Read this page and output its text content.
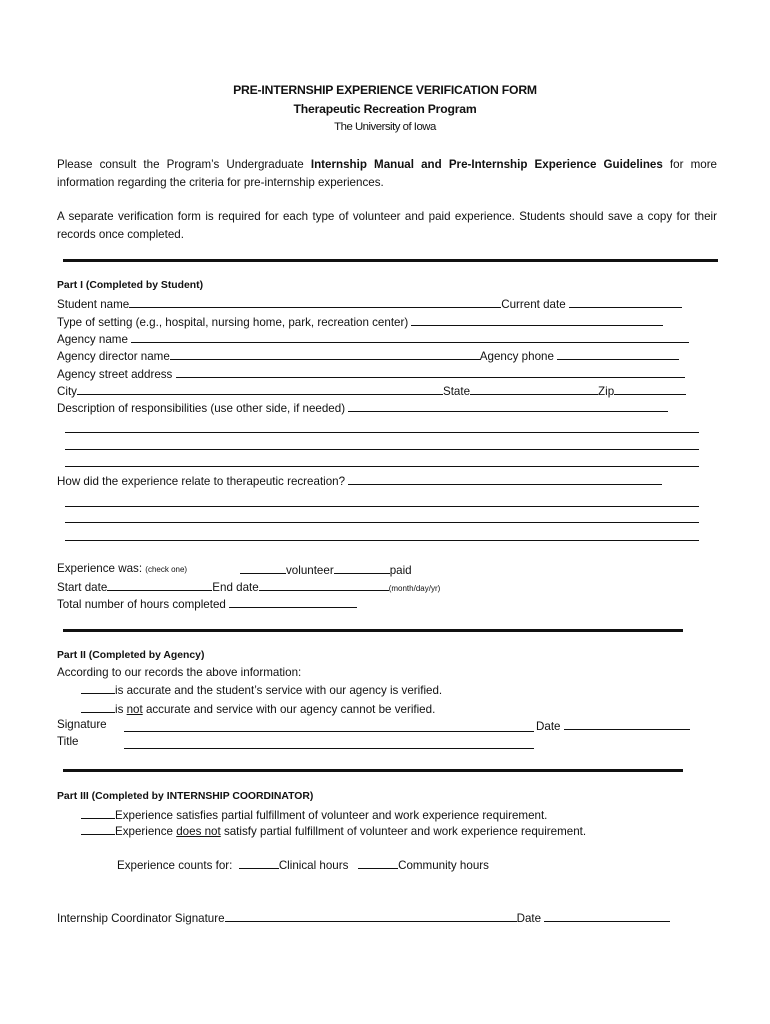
PRE-INTERNSHIP EXPERIENCE VERIFICATION FORM
Therapeutic Recreation Program
The University of Iowa
Please consult the Program’s Undergraduate Internship Manual and Pre-Internship Experience Guidelines for more information regarding the criteria for pre-internship experiences.
A separate verification form is required for each type of volunteer and paid experience. Students should save a copy for their records once completed.
Part I (Completed by Student)
Student name	Current date
Type of setting (e.g., hospital, nursing home, park, recreation center)
Agency name
Agency director name	Agency phone
Agency street address
City	State	Zip
Description of responsibilities (use other side, if needed)
How did the experience relate to therapeutic recreation?
Experience was: (check one)	volunteer	paid
Start date	End date	(month/day/yr)
Total number of hours completed
Part II (Completed by Agency)
According to our records the above information:
is accurate and the student’s service with our agency is verified.
is not accurate and service with our agency cannot be verified.
Signature	Date
Title
Part III (Completed by INTERNSHIP COORDINATOR)
Experience satisfies partial fulfillment of volunteer and work experience requirement.
Experience does not satisfy partial fulfillment of volunteer and work experience requirement.
Experience counts for:	Clinical hours	Community hours
Internship Coordinator Signature	Date
